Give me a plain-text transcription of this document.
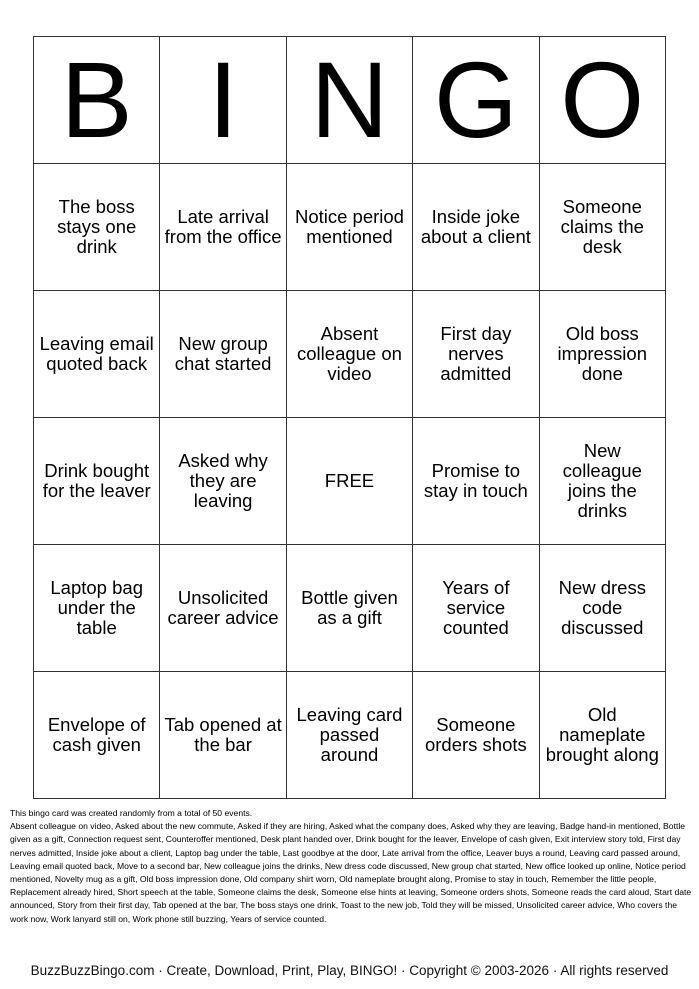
B	I	N	G	O
The boss stays one drink	Late arrival from the office	Notice period mentioned	Inside joke about a client	Someone claims the desk
Leaving email quoted back	New group chat started	Absent colleague on video	First day nerves admitted	Old boss impression done
Drink bought for the leaver	Asked why they are leaving	FREE	Promise to stay in touch	New colleague joins the drinks
Laptop bag under the table	Unsolicited career advice	Bottle given as a gift	Years of service counted	New dress code discussed
Envelope of cash given	Tab opened at the bar	Leaving card passed around	Someone orders shots	Old nameplate brought along

This bingo card was created randomly from a total of 50 events.

Absent colleague on video, Asked about the new commute, Asked if they are hiring, Asked what the company does, Asked why they are leaving, Badge hand-in mentioned, Bottle given as a gift, Connection request sent, Counteroffer mentioned, Desk plant handed over, Drink bought for the leaver, Envelope of cash given, Exit interview story told, First day nerves admitted, Inside joke about a client, Laptop bag under the table, Last goodbye at the door, Late arrival from the office, Leaver buys a round, Leaving card passed around, Leaving email quoted back, Move to a second bar, New colleague joins the drinks, New dress code discussed, New group chat started, New office looked up online, Notice period mentioned, Novelty mug as a gift, Old boss impression done, Old company shirt worn, Old nameplate brought along, Promise to stay in touch, Remember the little people, Replacement already hired, Short speech at the table, Someone claims the desk, Someone else hints at leaving, Someone orders shots, Someone reads the card aloud, Start date announced, Story from their first day, Tab opened at the bar, The boss stays one drink, Toast to the new job, Told they will be missed, Unsolicited career advice, Who covers the work now, Work lanyard still on, Work phone still buzzing, Years of service counted.

BuzzBuzzBingo.com · Create, Download, Print, Play, BINGO! · Copyright © 2003-2026 · All rights reserved
